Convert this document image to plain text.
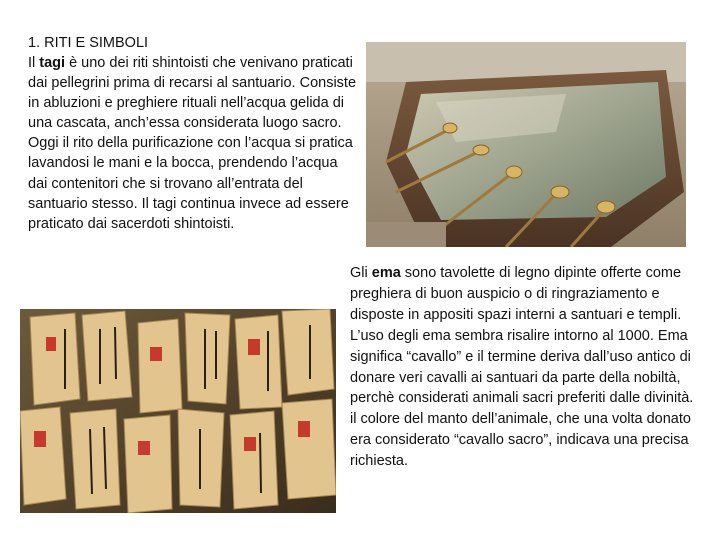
1. RITI E SIMBOLI

Il tagi è uno dei riti shintoisti che venivano praticati dai pellegrini prima di recarsi al santuario. Consiste in abluzioni e preghiere rituali nell’acqua gelida di una cascata, anch’essa considerata luogo sacro. Oggi il rito della purificazione con l’acqua si pratica lavandosi le mani e la bocca, prendendo l’acqua dai contenitori che si trovano all’entrata del santuario stesso. Il tagi continua invece ad essere praticato dai sacerdoti shintoisti.

Gli ema sono tavolette di legno dipinte offerte come preghiera di buon auspicio o di ringraziamento e disposte in appositi spazi interni a santuari e templi. L’uso degli ema sembra risalire intorno al 1000. Ema significa “cavallo” e il termine deriva dall’uso antico di donare veri cavalli ai santuari da parte della nobiltà, perchè considerati animali sacri preferiti dalle divinità. il colore del manto dell’animale, che una volta donato era considerato “cavallo sacro”, indicava una precisa richiesta.
